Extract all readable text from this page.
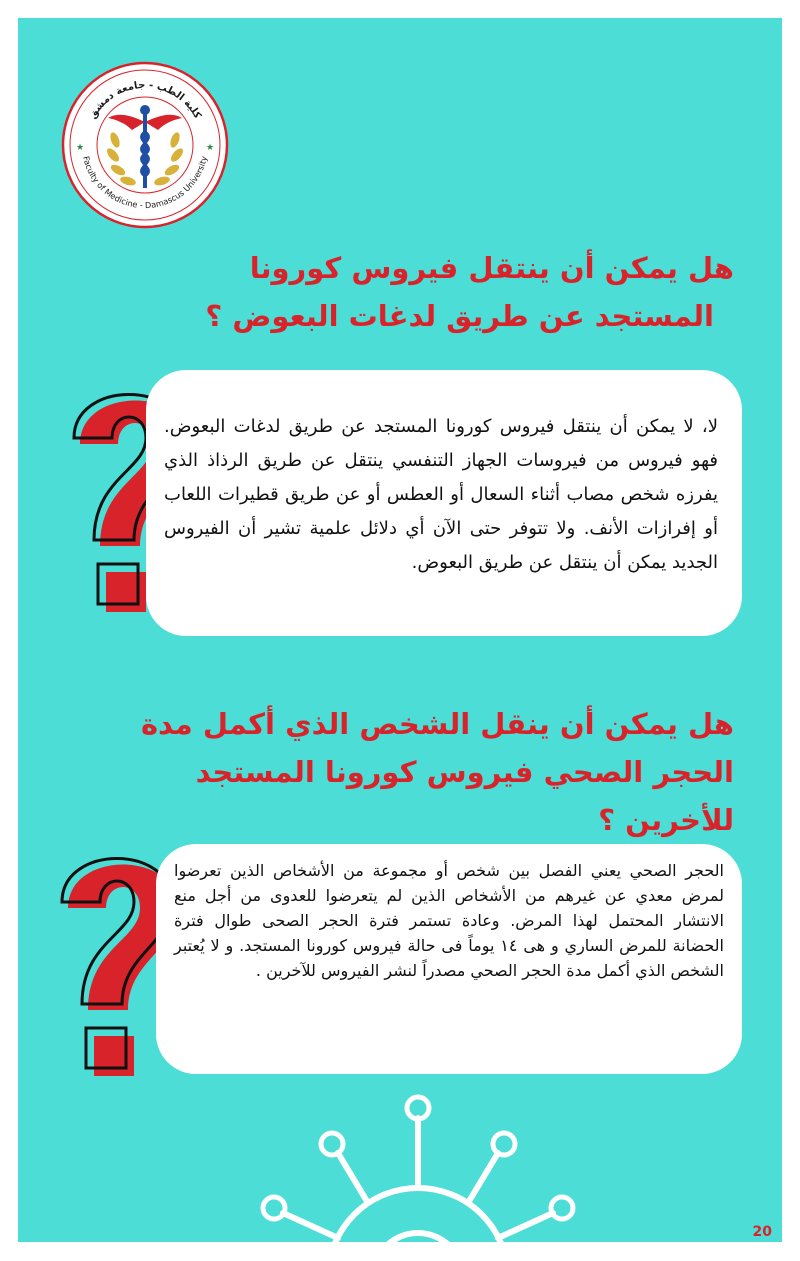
كلية الطب - جامعة دمشق
Faculty of Medicine - Damascus University
★	★
هل يمكن أن ينتقل فيروس كورونا
المستجد عن طريق لدغات البعوض ؟
لا، لا يمكن أن ينتقل فيروس كورونا المستجد عن طريق لدغات البعوض. فهو فيروس من فيروسات الجهاز التنفسي ينتقل عن طريق الرذاذ الذي يفرزه شخص مصاب أثناء السعال أو العطس أو عن طريق قطيرات اللعاب أو إفرازات الأنف. ولا تتوفر حتى الآن أي دلائل علمية تشير أن الفيروس الجديد يمكن أن ينتقل عن طريق البعوض.
هل يمكن أن ينقل الشخص الذي أكمل مدة
الحجر الصحي فيروس كورونا المستجد للأخرين ؟
الحجر الصحي يعني الفصل بين شخص أو مجموعة من الأشخاص الذين تعرضوا لمرض معدي عن غيرهم من الأشخاص الذين لم يتعرضوا للعدوى من أجل منع الانتشار المحتمل لهذا المرض. وعادة تستمر فترة الحجر الصحى طوال فترة الحضانة للمرض الساري و هى ١٤ يوماً فى حالة فيروس كورونا المستجد. و لا يُعتبر الشخص الذي أكمل مدة الحجر الصحي مصدراً لنشر الفيروس للآخرين .
20
